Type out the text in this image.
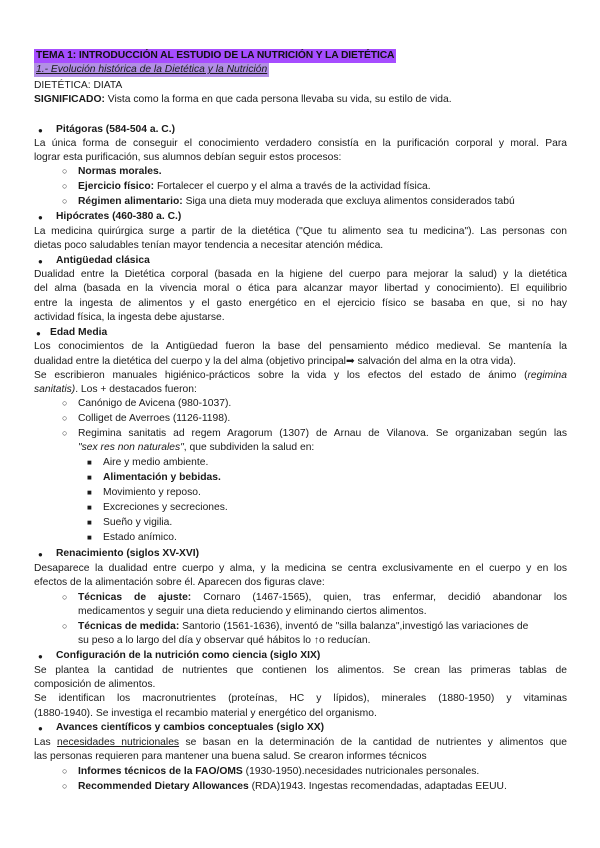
TEMA 1: INTRODUCCIÓN AL ESTUDIO DE LA NUTRICIÓN Y LA DIETÉTICA
1.- Evolución histórica de la Dietética y la Nutrición
DIETÉTICA: DIATA
SIGNIFICADO: Vista como la forma en que cada persona llevaba su vida, su estilo de vida.
● Pitágoras (584-504 a. C.)
La única forma de conseguir el conocimiento verdadero consistía en la purificación corporal y moral. Para
lograr esta purificación, sus alumnos debían seguir estos procesos:
○ Normas morales.
○ Ejercicio físico: Fortalecer el cuerpo y el alma a través de la actividad física.
○ Régimen alimentario: Siga una dieta muy moderada que excluya alimentos considerados tabú
● Hipócrates (460-380 a. C.)
La medicina quirúrgica surge a partir de la dietética ("Que tu alimento sea tu medicina"). Las personas con
dietas poco saludables tenían mayor tendencia a necesitar atención médica.
● Antigüedad clásica
Dualidad entre la Dietética corporal (basada en la higiene del cuerpo para mejorar la salud) y la dietética
del alma (basada en la vivencia moral o ética para alcanzar mayor libertad y conocimiento). El equilibrio
entre la ingesta de alimentos y el gasto energético en el ejercicio físico se basaba en que, si no hay
actividad física, la ingesta debe ajustarse.
● Edad Media
Los conocimientos de la Antigüedad fueron la base del pensamiento médico medieval. Se mantenía la
dualidad entre la dietética del cuerpo y la del alma (objetivo principal➡ salvación del alma en la otra vida).
Se escribieron manuales higiénico-prácticos sobre la vida y los efectos del estado de ánimo (regimina
sanitatis). Los + destacados fueron:
○ Canónigo de Avicena (980-1037).
○ Colliget de Averroes (1126-1198).
○ Regimina sanitatis ad regem Aragorum (1307) de Arnau de Vilanova. Se organizaban según las
"sex res non naturales", que subdividen la salud en:
■ Aire y medio ambiente.
■ Alimentación y bebidas.
■ Movimiento y reposo.
■ Excreciones y secreciones.
■ Sueño y vigilia.
■ Estado anímico.
● Renacimiento (siglos XV-XVI)
Desaparece la dualidad entre cuerpo y alma, y la medicina se centra exclusivamente en el cuerpo y en los
efectos de la alimentación sobre él. Aparecen dos figuras clave:
○ Técnicas de ajuste: Cornaro (1467-1565), quien, tras enfermar, decidió abandonar los
medicamentos y seguir una dieta reduciendo y eliminando ciertos alimentos.
○ Técnicas de medida: Santorio (1561-1636), inventó de "silla balanza",investigó las variaciones de
su peso a lo largo del día y observar qué hábitos lo ↑o reducían.
● Configuración de la nutrición como ciencia (siglo XIX)
Se plantea la cantidad de nutrientes que contienen los alimentos. Se crean las primeras tablas de
composición de alimentos.
Se identifican los macronutrientes (proteínas, HC y lípidos), minerales (1880-1950) y vitaminas
(1880-1940). Se investiga el recambio material y energético del organismo.
● Avances científicos y cambios conceptuales (siglo XX)
Las necesidades nutricionales se basan en la determinación de la cantidad de nutrientes y alimentos que
las personas requieren para mantener una buena salud. Se crearon informes técnicos
○ Informes técnicos de la FAO/OMS (1930-1950).necesidades nutricionales personales.
○ Recommended Dietary Allowances (RDA)1943. Ingestas recomendadas, adaptadas EEUU.
